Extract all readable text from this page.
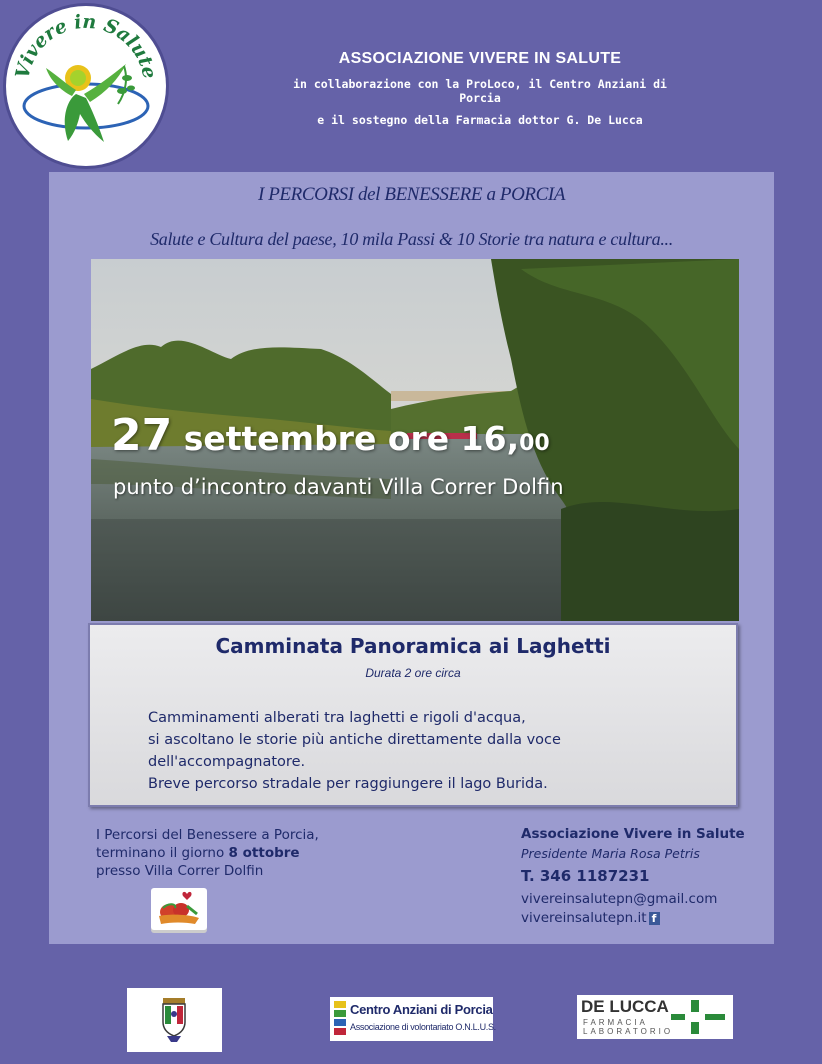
Vivere in Salute
ASSOCIAZIONE VIVERE IN SALUTE
in collaborazione con la ProLoco, il Centro Anziani di Porcia
e il sostegno della Farmacia dottor G. De Lucca
I PERCORSI del BENESSERE a PORCIA
Salute e Cultura del paese, 10 mila Passi & 10 Storie tra natura e cultura...
27 settembre ore 16,00
punto d’incontro davanti Villa Correr Dolfin
Camminata Panoramica ai Laghetti
Durata 2 ore circa
Camminamenti alberati tra laghetti e rigoli d'acqua,
si ascoltano le storie più antiche direttamente dalla voce
dell'accompagnatore.
Breve percorso stradale per raggiungere il lago Burida.
I Percorsi del Benessere a Porcia,
terminano il giorno 8 ottobre
presso Villa Correr Dolfin
Associazione Vivere in Salute
Presidente Maria Rosa Petris
T. 346 1187231
vivereinsalutepn@gmail.com
vivereinsalutepn.it f
Centro Anziani di Porcia
Associazione di volontariato O.N.L.U.S.
DE LUCCA
FARMACIA
LABORATORIO
